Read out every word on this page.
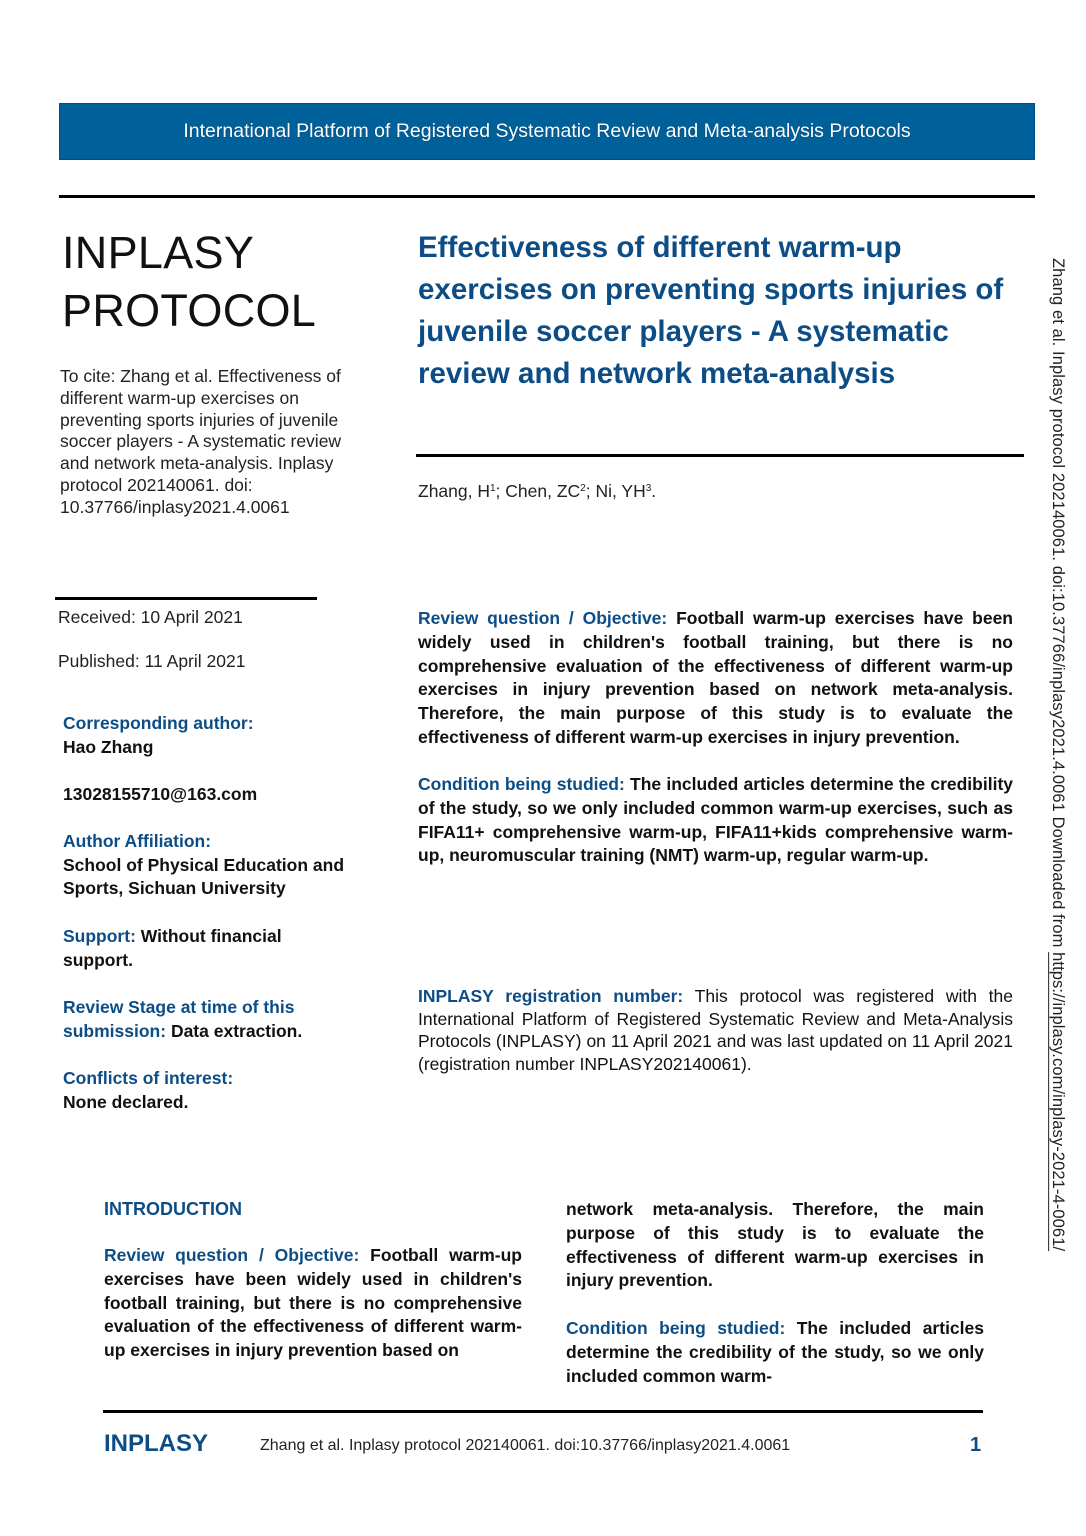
International Platform of Registered Systematic Review and Meta-analysis Protocols
INPLASY
PROTOCOL
To cite: Zhang et al. Effectiveness of different warm-up exercises on preventing sports injuries of juvenile soccer players - A systematic review and network meta-analysis. Inplasy protocol 202140061. doi: 10.37766/inplasy2021.4.0061
Received: 10 April 2021
Published: 11 April 2021
Corresponding author:
Hao Zhang
13028155710@163.com
Author Affiliation:
School of Physical Education and Sports, Sichuan University
Support: Without financial support.
Review Stage at time of this submission: Data extraction.
Conflicts of interest:
None declared.
Effectiveness of different warm-up exercises on preventing sports injuries of juvenile soccer players - A systematic review and network meta-analysis
Zhang, $H^1$; Chen, $ZC^2$; Ni, $YH^3$.
Review question / Objective: Football warm-up exercises have been widely used in children's football training, but there is no comprehensive evaluation of the effectiveness of different warm-up exercises in injury prevention based on network meta-analysis. Therefore, the main purpose of this study is to evaluate the effectiveness of different warm-up exercises in injury prevention.
Condition being studied: The included articles determine the credibility of the study, so we only included common warm-up exercises, such as FIFA11+ comprehensive warm-up, FIFA11+kids comprehensive warm-up, neuromuscular training (NMT) warm-up, regular warm-up.
INPLASY registration number: This protocol was registered with the International Platform of Registered Systematic Review and Meta-Analysis Protocols (INPLASY) on 11 April 2021 and was last updated on 11 April 2021 (registration number INPLASY202140061).
INTRODUCTION
Review question / Objective: Football warm-up exercises have been widely used in children's football training, but there is no comprehensive evaluation of the effectiveness of different warm-up exercises in injury prevention based on
network meta-analysis. Therefore, the main purpose of this study is to evaluate the effectiveness of different warm-up exercises in injury prevention.
Condition being studied: The included articles determine the credibility of the study, so we only included common warm-
INPLASY	Zhang et al. Inplasy protocol 202140061. doi:10.37766/inplasy2021.4.0061	1
Zhang et al. Inplasy protocol 202140061. doi:10.37766/inplasy2021.4.0061 Downloaded from https://inplasy.com/inplasy-2021-4-0061/
